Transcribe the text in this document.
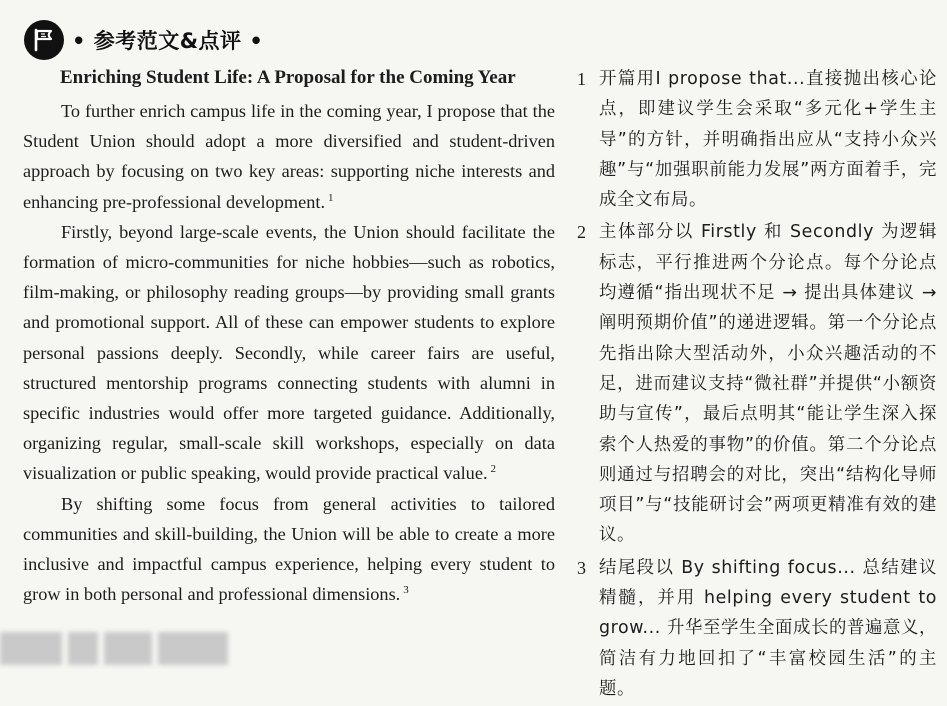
• 参考范文&点评 •
Enriching Student Life: A Proposal for the Coming Year

To further enrich campus life in the coming year, I propose that the Student Union should adopt a more diversified and student-driven approach by focusing on two key areas: supporting niche interests and enhancing pre-professional development. $^1$

Firstly, beyond large-scale events, the Union should facilitate the formation of micro-communities for niche hobbies—such as robotics, film-making, or philosophy reading groups—by providing small grants and promotional support. All of these can empower students to explore personal passions deeply. Secondly, while career fairs are useful, structured mentorship programs connecting students with alumni in specific industries would offer more targeted guidance. Additionally, organizing regular, small-scale skill workshops, especially on data visualization or public speaking, would provide practical value. $^2$

By shifting some focus from general activities to tailored communities and skill-building, the Union will be able to create a more inclusive and impactful campus experience, helping every student to grow in both personal and professional dimensions. $^3$

1 开篇用I propose that...直接抛出核心论点，即建议学生会采取“多元化+学生主导”的方针，并明确指出应从“支持小众兴趣”与“加强职前能力发展”两方面着手，完成全文布局。
2 主体部分以 Firstly 和 Secondly 为逻辑标志，平行推进两个分论点。每个分论点均遵循“指出现状不足 → 提出具体建议 → 阐明预期价值”的递进逻辑。第一个分论点先指出除大型活动外，小众兴趣活动的不足，进而建议支持“微社群”并提供“小额资助与宣传”，最后点明其“能让学生深入探索个人热爱的事物”的价值。第二个分论点则通过与招聘会的对比，突出“结构化导师项目”与“技能研讨会”两项更精准有效的建议。
3 结尾段以 By shifting focus... 总结建议精髓，并用 helping every student to grow... 升华至学生全面成长的普遍意义，简洁有力地回扣了“丰富校园生活”的主题。
